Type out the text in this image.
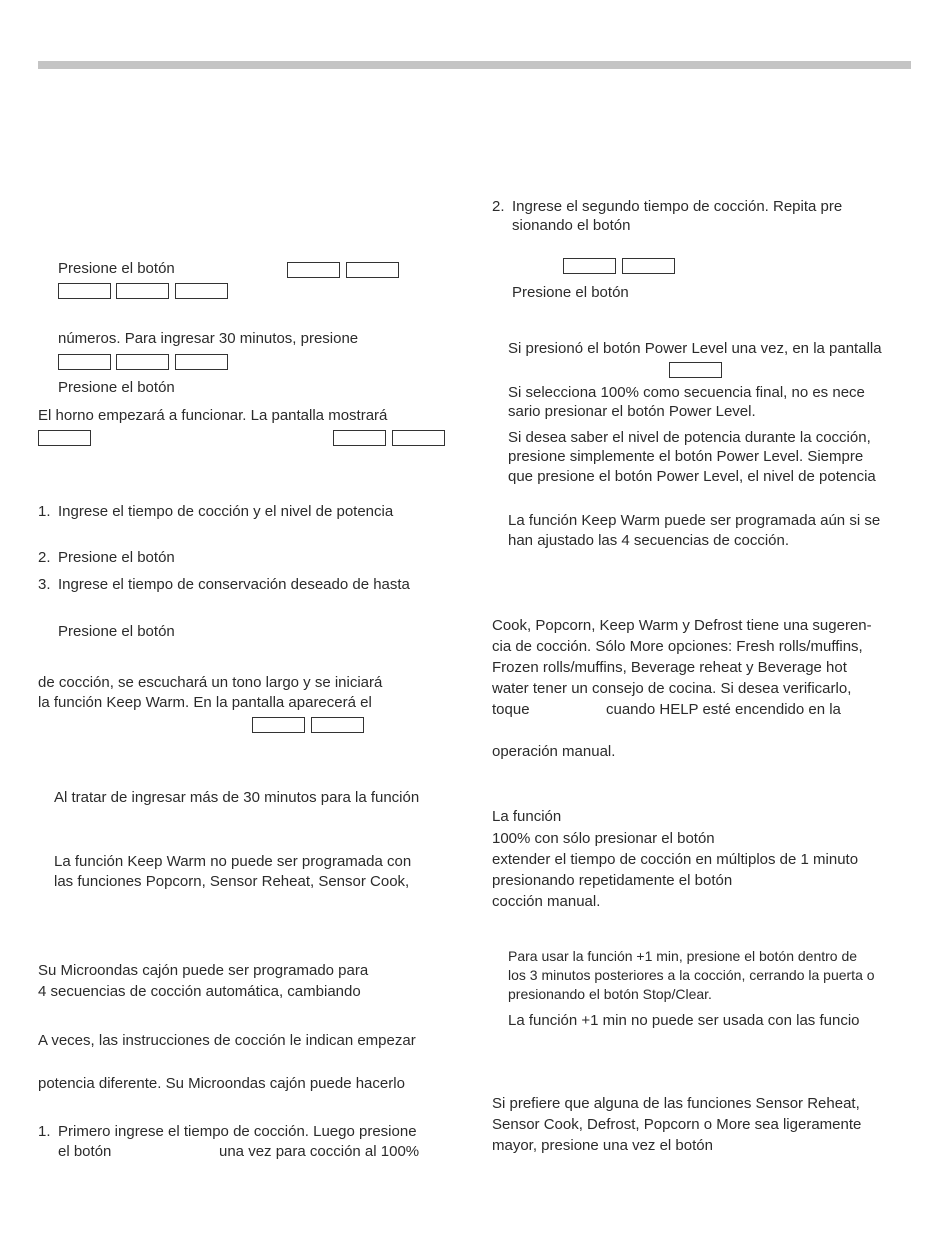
Presione el botón
números. Para ingresar 30 minutos, presione
Presione el botón
El horno empezará a funcionar. La pantalla mostrará
1. Ingrese el tiempo de cocción y el nivel de potencia
2. Presione el botón
3. Ingrese el tiempo de conservación deseado de hasta
Presione el botón
de cocción, se escuchará un tono largo y se iniciará
la función Keep Warm. En la pantalla aparecerá el
Al tratar de ingresar más de 30 minutos para la función
La función Keep Warm no puede ser programada con
las funciones Popcorn, Sensor Reheat, Sensor Cook,
Su Microondas cajón puede ser programado para
4 secuencias de cocción automática, cambiando
A veces, las instrucciones de cocción le indican empezar
potencia diferente. Su Microondas cajón puede hacerlo
1. Primero ingrese el tiempo de cocción. Luego presione
el botón	una vez para cocción al 100%
2. Ingrese el segundo tiempo de cocción. Repita pre
sionando el botón
Presione el botón
Si presionó el botón Power Level una vez, en la pantalla
Si selecciona 100% como secuencia final, no es nece
sario presionar el botón Power Level.
Si desea saber el nivel de potencia durante la cocción,
presione simplemente el botón Power Level. Siempre
que presione el botón Power Level, el nivel de potencia
La función Keep Warm puede ser programada aún si se
han ajustado las 4 secuencias de cocción.
Cook, Popcorn, Keep Warm y Defrost tiene una sugeren-
cia de cocción. Sólo More opciones: Fresh rolls/muffins,
Frozen rolls/muffins, Beverage reheat y Beverage hot
water tener un consejo de cocina. Si desea verificarlo,
toque	cuando HELP esté encendido en la
operación manual.
La función
100% con sólo presionar el botón
extender el tiempo de cocción en múltiplos de 1 minuto
presionando repetidamente el botón
cocción manual.
Para usar la función +1 min, presione el botón dentro de
los 3 minutos posteriores a la cocción, cerrando la puerta o
presionando el botón Stop/Clear.
La función +1 min no puede ser usada con las funcio
Si prefiere que alguna de las funciones Sensor Reheat,
Sensor Cook, Defrost, Popcorn o More sea ligeramente
mayor, presione una vez el botón
